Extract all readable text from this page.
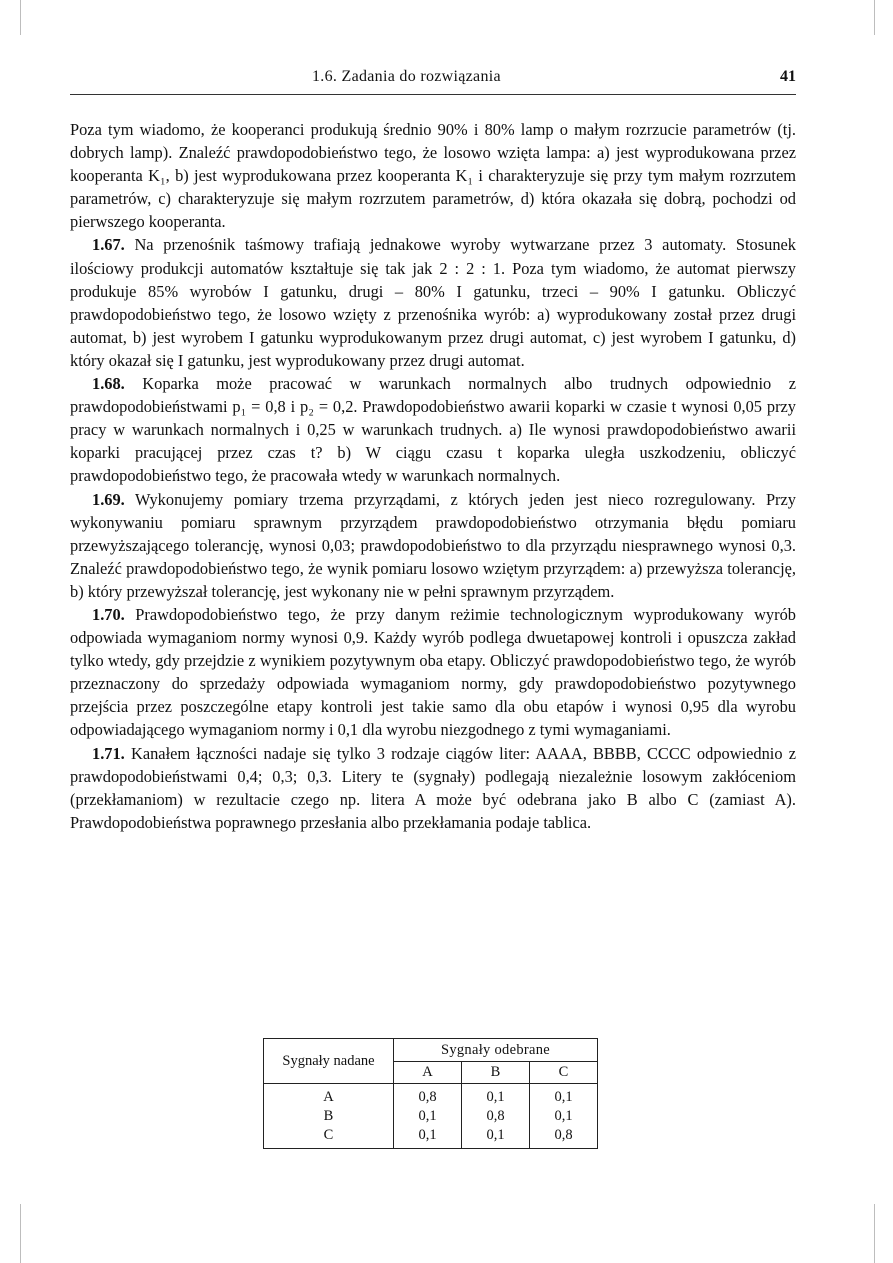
1.6. Zadania do rozwiązania	41

Poza tym wiadomo, że kooperanci produkują średnio 90% i 80% lamp o małym rozrzucie parametrów (tj. dobrych lamp). Znaleźć prawdopodobieństwo tego, że losowo wzięta lampa: a) jest wyprodukowana przez kooperanta K₁, b) jest wyprodukowana przez kooperanta K₁ i charakteryzuje się przy tym małym rozrzutem parametrów, c) charakteryzuje się małym rozrzutem parametrów, d) która okazała się dobrą, pochodzi od pierwszego kooperanta.

1.67. Na przenośnik taśmowy trafiają jednakowe wyroby wytwarzane przez 3 automaty. Stosunek ilościowy produkcji automatów kształtuje się tak jak 2 : 2 : 1. Poza tym wiadomo, że automat pierwszy produkuje 85% wyrobów I gatunku, drugi – 80% I gatunku, trzeci – 90% I gatunku. Obliczyć prawdopodobieństwo tego, że losowo wzięty z przenośnika wyrób: a) wyprodukowany został przez drugi automat, b) jest wyrobem I gatunku wyprodukowanym przez drugi automat, c) jest wyrobem I gatunku, d) który okazał się I gatunku, jest wyprodukowany przez drugi automat.

1.68. Koparka może pracować w warunkach normalnych albo trudnych odpowiednio z prawdopodobieństwami p₁ = 0,8 i p₂ = 0,2. Prawdopodobieństwo awarii koparki w czasie t wynosi 0,05 przy pracy w warunkach normalnych i 0,25 w warunkach trudnych. a) Ile wynosi prawdopodobieństwo awarii koparki pracującej przez czas t? b) W ciągu czasu t koparka uległa uszkodzeniu, obliczyć prawdopodobieństwo tego, że pracowała wtedy w warunkach normalnych.

1.69. Wykonujemy pomiary trzema przyrządami, z których jeden jest nieco rozregulowany. Przy wykonywaniu pomiaru sprawnym przyrządem prawdopodobieństwo otrzymania błędu pomiaru przewyższającego tolerancję, wynosi 0,03; prawdopodobieństwo to dla przyrządu niesprawnego wynosi 0,3. Znaleźć prawdopodobieństwo tego, że wynik pomiaru losowo wziętym przyrządem: a) przewyższa tolerancję, b) który przewyższał tolerancję, jest wykonany nie w pełni sprawnym przyrządem.

1.70. Prawdopodobieństwo tego, że przy danym reżimie technologicznym wyprodukowany wyrób odpowiada wymaganiom normy wynosi 0,9. Każdy wyrób podlega dwuetapowej kontroli i opuszcza zakład tylko wtedy, gdy przejdzie z wynikiem pozytywnym oba etapy. Obliczyć prawdopodobieństwo tego, że wyrób przeznaczony do sprzedaży odpowiada wymaganiom normy, gdy prawdopodobieństwo pozytywnego przejścia przez poszczególne etapy kontroli jest takie samo dla obu etapów i wynosi 0,95 dla wyrobu odpowiadającego wymaganiom normy i 0,1 dla wyrobu niezgodnego z tymi wymaganiami.

1.71. Kanałem łączności nadaje się tylko 3 rodzaje ciągów liter: AAAA, BBBB, CCCC odpowiednio z prawdopodobieństwami 0,4; 0,3; 0,3. Litery te (sygnały) podlegają niezależnie losowym zakłóceniom (przekłamaniom) w rezultacie czego np. litera A może być odebrana jako B albo C (zamiast A). Prawdopodobieństwa poprawnego przesłania albo przekłamania podaje tablica.

Sygnały nadane	Sygnały odebrane		
	A	B	C
A	0,8	0,1	0,1
B	0,1	0,8	0,1
C	0,1	0,1	0,8
